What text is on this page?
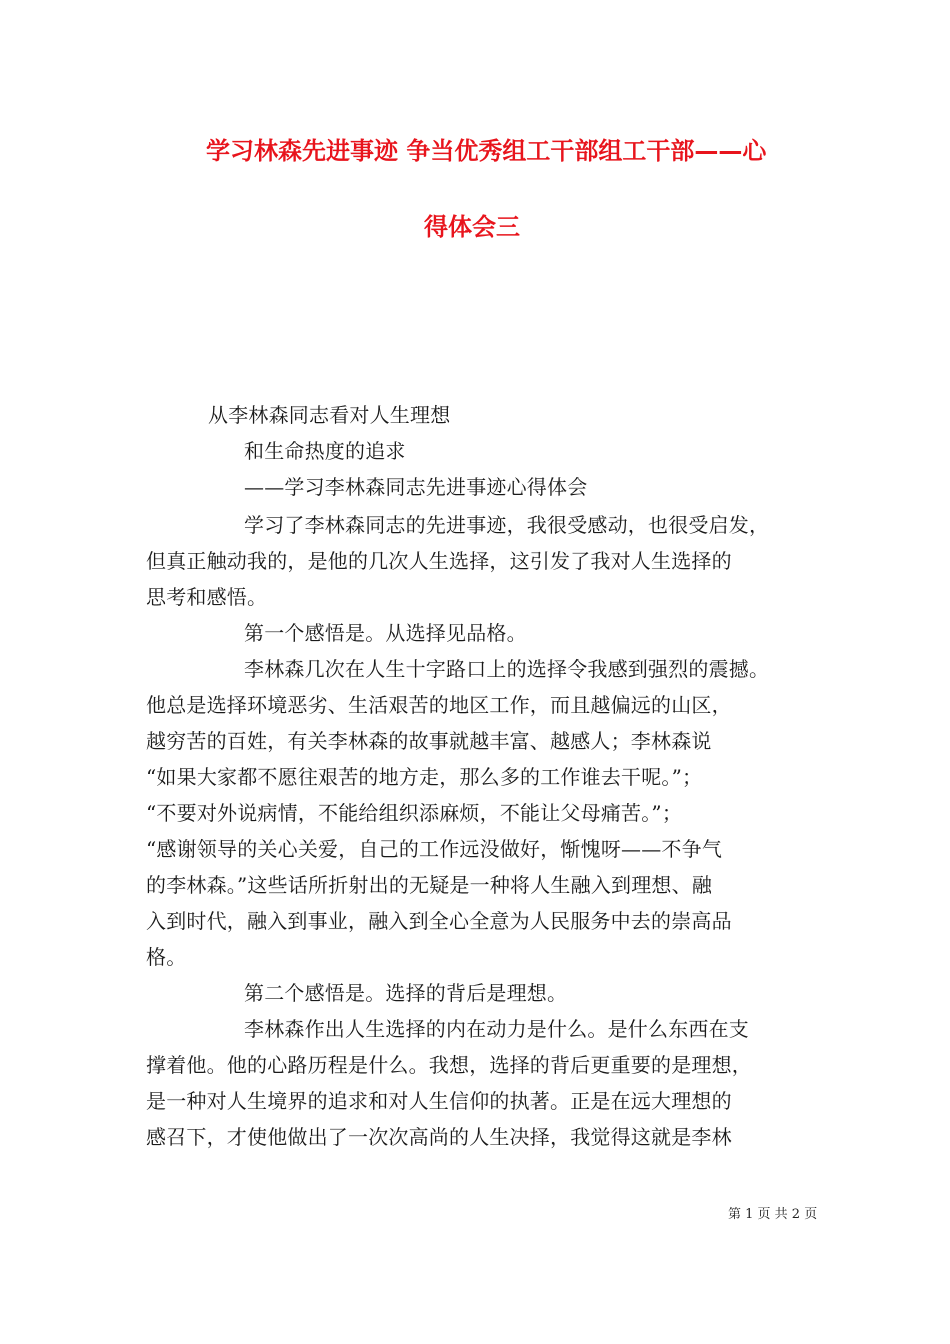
学习林森先进事迹 争当优秀组工干部组工干部——心
得体会三
从李林森同志看对人生理想
和生命热度的追求
——学习李林森同志先进事迹心得体会
学习了李林森同志的先进事迹，我很受感动，也很受启发，
但真正触动我的，是他的几次人生选择，这引发了我对人生选择的
思考和感悟。
第一个感悟是。从选择见品格。
李林森几次在人生十字路口上的选择令我感到强烈的震撼。
他总是选择环境恶劣、生活艰苦的地区工作，而且越偏远的山区，
越穷苦的百姓，有关李林森的故事就越丰富、越感人；李林森说
“如果大家都不愿往艰苦的地方走，那么多的工作谁去干呢。”；
“不要对外说病情，不能给组织添麻烦，不能让父母痛苦。”；
“感谢领导的关心关爱，自己的工作远没做好，惭愧呀——不争气
的李林森。”这些话所折射出的无疑是一种将人生融入到理想、融
入到时代，融入到事业，融入到全心全意为人民服务中去的崇高品
格。
第二个感悟是。选择的背后是理想。
李林森作出人生选择的内在动力是什么。是什么东西在支
撑着他。他的心路历程是什么。我想，选择的背后更重要的是理想，
是一种对人生境界的追求和对人生信仰的执著。正是在远大理想的
感召下，才使他做出了一次次高尚的人生决择，我觉得这就是李林
第 1 页 共 2 页
